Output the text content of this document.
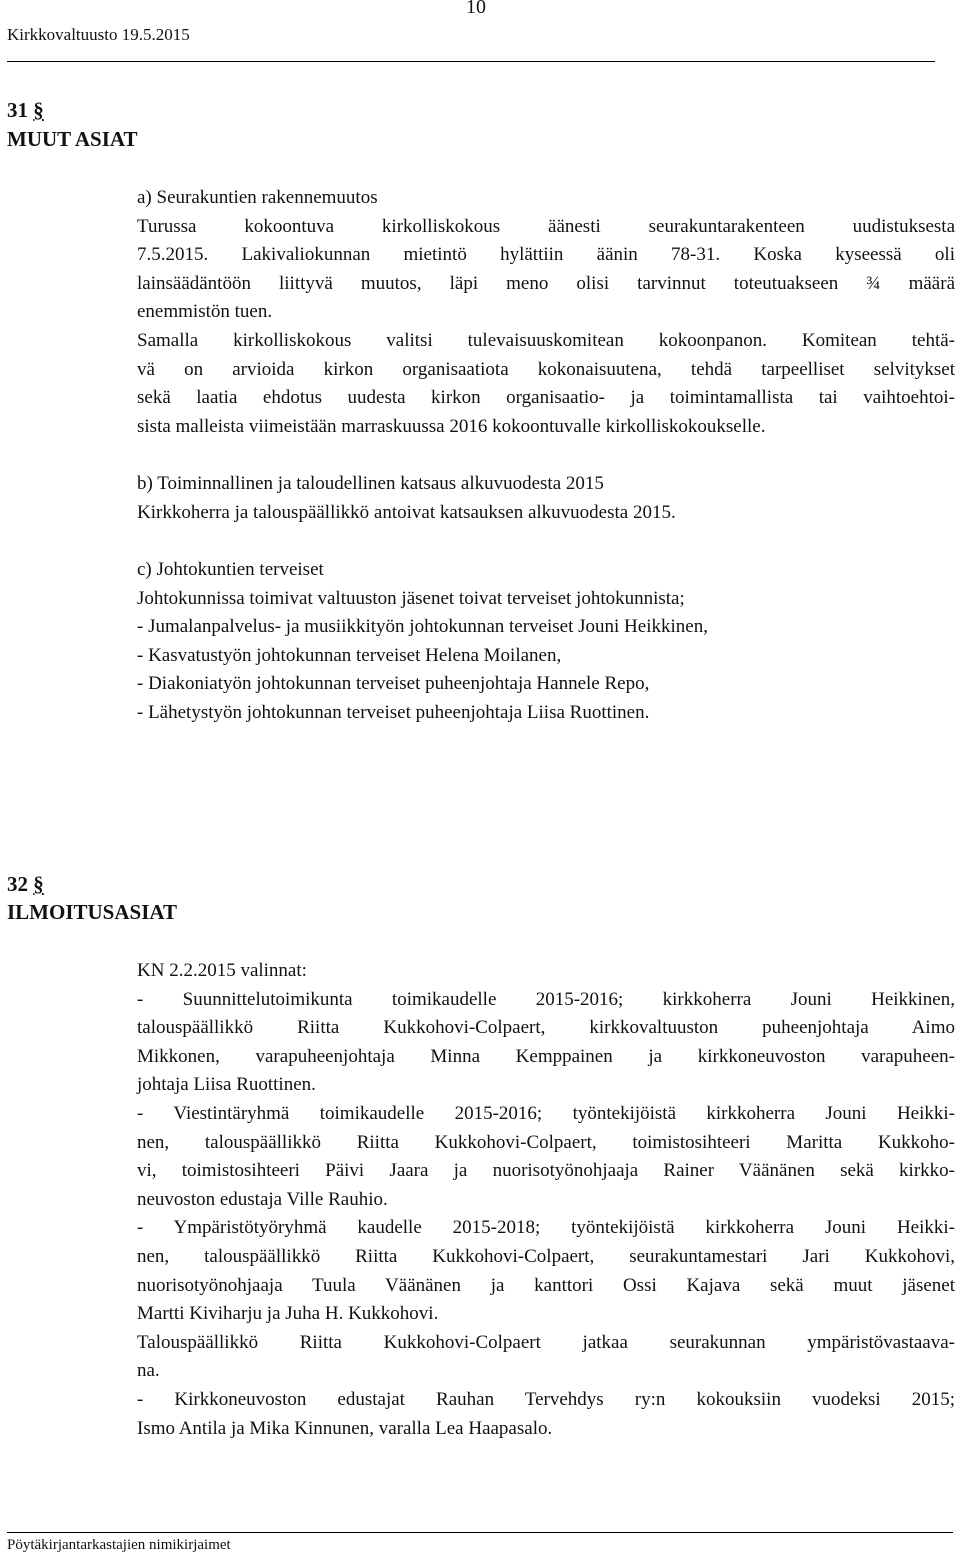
Kirkkovaltuusto 19.5.2015
10
31 §
MUUT ASIAT

a) Seurakuntien rakennemuutos

Turussa kokoontuva kirkolliskokous äänesti seurakuntarakenteen uudistuksesta

7.5.2015. Lakivaliokunnan mietintö hylättiin äänin 78-31. Koska kyseessä oli

lainsäädäntöön liittyvä muutos, läpi meno olisi tarvinnut toteutuakseen ¾ määrä

enemmistön tuen.

Samalla kirkolliskokous valitsi tulevaisuuskomitean kokoonpanon. Komitean tehtä-

vä on arvioida kirkon organisaatiota kokonaisuutena, tehdä tarpeelliset selvitykset

sekä laatia ehdotus uudesta kirkon organisaatio- ja toimintamallista tai vaihtoehtoi-

sista malleista viimeistään marraskuussa 2016 kokoontuvalle kirkolliskokoukselle.

b) Toiminnallinen ja taloudellinen katsaus alkuvuodesta 2015

Kirkkoherra ja talouspäällikkö antoivat katsauksen alkuvuodesta 2015.

c) Johtokuntien terveiset

Johtokunnissa toimivat valtuuston jäsenet toivat terveiset johtokunnista;

- Jumalanpalvelus- ja musiikkityön johtokunnan terveiset Jouni Heikkinen,

- Kasvatustyön johtokunnan terveiset Helena Moilanen,

- Diakoniatyön johtokunnan terveiset puheenjohtaja Hannele Repo,

- Lähetystyön johtokunnan terveiset puheenjohtaja Liisa Ruottinen.

32 §
ILMOITUSASIAT

KN 2.2.2015 valinnat:

- Suunnittelutoimikunta toimikaudelle 2015-2016; kirkkoherra Jouni Heikkinen,

talouspäällikkö Riitta Kukkohovi-Colpaert, kirkkovaltuuston puheenjohtaja Aimo

Mikkonen, varapuheenjohtaja Minna Kemppainen ja kirkkoneuvoston varapuheen-

johtaja Liisa Ruottinen.

- Viestintäryhmä toimikaudelle 2015-2016; työntekijöistä kirkkoherra Jouni Heikki-

nen, talouspäällikkö Riitta Kukkohovi-Colpaert, toimistosihteeri Maritta Kukkoho-

vi, toimistosihteeri Päivi Jaara ja nuorisotyönohjaaja Rainer Väänänen sekä kirkko-

neuvoston edustaja Ville Rauhio.

- Ympäristötyöryhmä kaudelle 2015-2018; työntekijöistä kirkkoherra Jouni Heikki-

nen, talouspäällikkö Riitta Kukkohovi-Colpaert, seurakuntamestari Jari Kukkohovi,

nuorisotyönohjaaja Tuula Väänänen ja kanttori Ossi Kajava sekä muut jäsenet

Martti Kiviharju ja Juha H. Kukkohovi.

Talouspäällikkö Riitta Kukkohovi-Colpaert jatkaa seurakunnan ympäristövastaava-

na.

- Kirkkoneuvoston edustajat Rauhan Tervehdys ry:n kokouksiin vuodeksi 2015;

Ismo Antila ja Mika Kinnunen, varalla Lea Haapasalo.

Pöytäkirjantarkastajien nimikirjaimet
